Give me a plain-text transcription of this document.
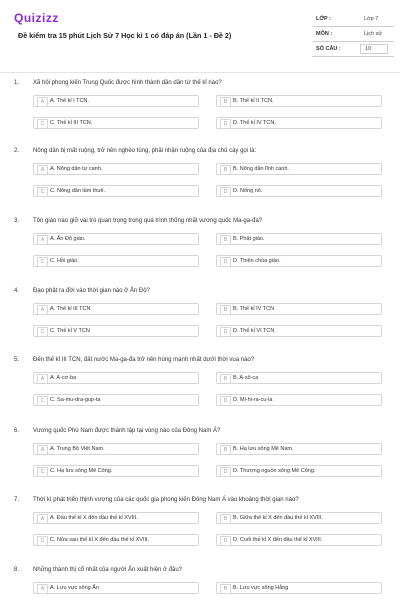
Quizizz
Đề kiểm tra 15 phút Lịch Sử 7 Học kì 1 có đáp án (Lần 1 - Đề 2)
LỚP :	Lớp 7
MÔN :	Lịch sử
SỐ CÂU :	10
1. Xã hội phong kiến Trung Quốc được hình thành dần dần từ thế kỉ nào?
A	A. Thế kỉ I TCN.	B	B. Thế kỉ II TCN.
C	C. Thế kỉ III TCN.	D	D. Thế kỉ IV TCN.
2. Nông dân bị mất ruộng, trở nên nghèo túng, phải nhận ruộng của địa chủ cày gọi là:
A	A. Nông dân tự canh.	B	B. Nông dân lĩnh canh.
C	C. Nông dân làm thuê.	D	D. Nông nô.
3. Tôn giáo nào giữ vai trò quan trọng trong quá trình thống nhất vương quốc Ma-ga-đa?
A	A. Ấn Độ giáo.	B	B. Phật giáo.
C	C. Hồi giáo.	D	D. Thiên chúa giáo.
4. Đạo phật ra đời vào thời gian nào ở Ấn Độ?
A	A. Thế kỉ III TCN	B	B. Thế kỉ IV TCN
C	C. Thế kỉ V TCN	D	D. Thế kỉ VI TCN
5. Đến thế kỉ III TCN, đất nước Ma-ga-đa trở nên hùng mạnh nhất dưới thời vua nào?
A	A. A-cơ-ba	B	B. A-sô-ca
C	C. Sa-mu-dra-gup-ta	D	D. Mi-hi-ra-cu-la
6. Vương quốc Phù Nam được thành lập tại vùng nào của Đông Nam Á?
A	A. Trung Bộ Việt Nam.	B	B. Hạ lưu sông Mê Nam.
C	C. Hạ lưu sông Mê Công.	D	D. Thượng nguồn sông Mê Công.
7. Thời kì phát triển thịnh vượng của các quốc gia phong kiến Đông Nam Á vào khoảng thời gian nào?
A	A. Đầu thế kỉ X đến đầu thế kỉ XVIII.	B	B. Giữa thế kỉ X đến đầu thế kỉ XVIII.
C	C. Nửa sau thế kỉ X đến đầu thế kỉ XVIII.	D	D. Cuối thế kỉ X đến đầu thế kỉ XVIII.
8. Những thành thị cổ nhất của người Ấn xuất hiện ở đâu?
A	A. Lưu vực sông Ấn	B	B. Lưu vực sông Hằng
